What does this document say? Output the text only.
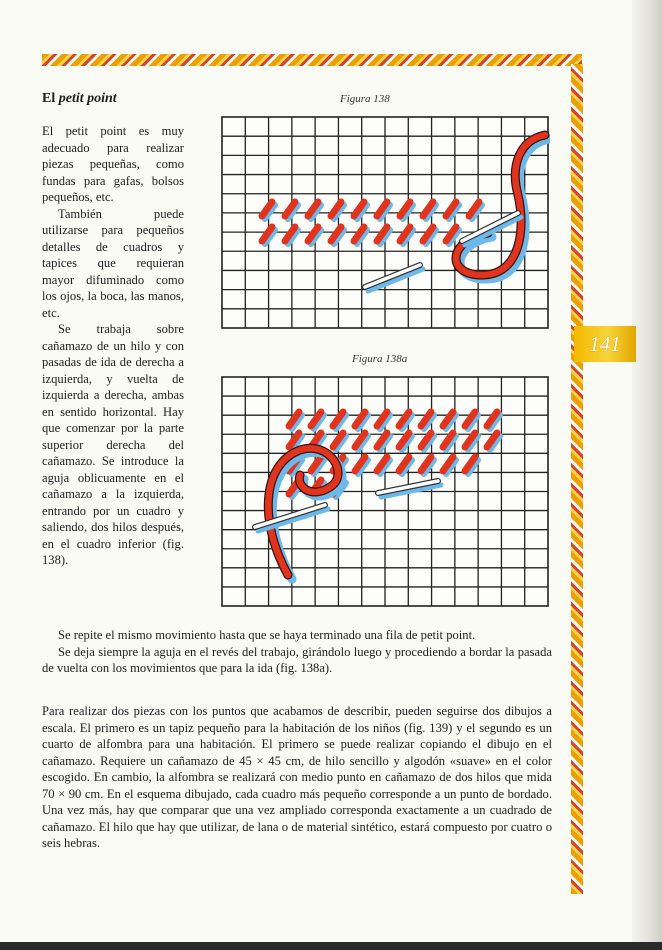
141
El petit point

El petit point es muy adecuado para realizar piezas pequeñas, como fundas para gafas, bolsos pequeños, etc.

También puede utilizarse para pequeños detalles de cuadros y tapices que requieran mayor difuminado como los ojos, la boca, las manos, etc.

Se trabaja sobre cañamazo de un hilo y con pasadas de ida de derecha a izquierda, y vuelta de izquierda a derecha, ambas en sentido horizontal. Hay que comenzar por la parte superior derecha del cañamazo. Se introduce la aguja oblicuamente en el cañamazo a la izquierda, entrando por un cuadro y saliendo, dos hilos después, en el cuadro inferior (fig. 138).

Figura 138
Figura 138a

Se repite el mismo movimiento hasta que se haya terminado una fila de petit point.

Se deja siempre la aguja en el revés del trabajo, girándolo luego y procediendo a bordar la pasada de vuelta con los movimientos que para la ida (fig. 138a).

Para realizar dos piezas con los puntos que acabamos de describir, pueden seguirse dos dibujos a escala. El primero es un tapiz pequeño para la habitación de los niños (fig. 139) y el segundo es un cuarto de alfombra para una habitación. El primero se puede realizar copiando el dibujo en el cañamazo. Requiere un cañamazo de 45 × 45 cm, de hilo sencillo y algodón «suave» en el color escogido. En cambio, la alfombra se realizará con medio punto en cañamazo de dos hilos que mida 70 × 90 cm. En el esquema dibujado, cada cuadro más pequeño corresponde a un punto de bordado. Una vez más, hay que comparar que una vez ampliado corresponda exactamente a un cuadrado de cañamazo. El hilo que hay que utilizar, de lana o de material sintético, estará compuesto por cuatro o seis hebras.
